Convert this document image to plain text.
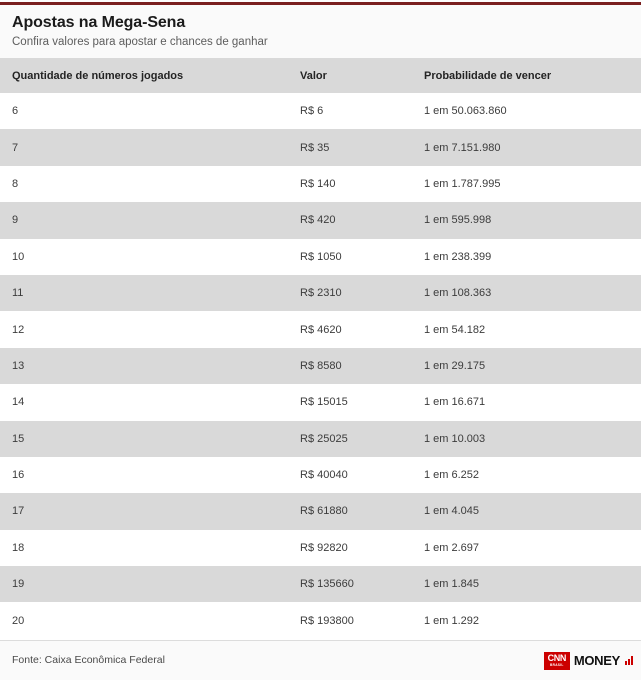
Apostas na Mega-Sena
Confira valores para apostar e chances de ganhar
Quantidade de números jogados	Valor	Probabilidade de vencer
6	R$ 6	1 em 50.063.860
7	R$ 35	1 em 7.151.980
8	R$ 140	1 em 1.787.995
9	R$ 420	1 em 595.998
10	R$ 1050	1 em 238.399
11	R$ 2310	1 em 108.363
12	R$ 4620	1 em 54.182
13	R$ 8580	1 em 29.175
14	R$ 15015	1 em 16.671
15	R$ 25025	1 em 10.003
16	R$ 40040	1 em 6.252
17	R$ 61880	1 em 4.045
18	R$ 92820	1 em 2.697
19	R$ 135660	1 em 1.845
20	R$ 193800	1 em 1.292
Fonte: Caixa Econômica Federal	CNN
BRASIL MONEY
